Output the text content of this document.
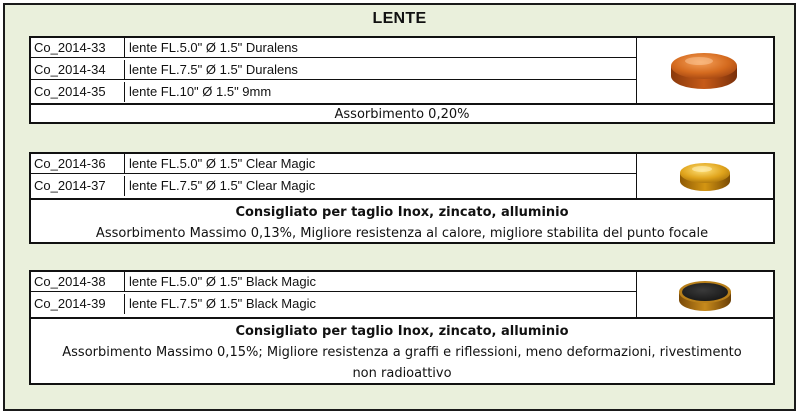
LENTE
Co_2014-33	lente FL.5.0" Ø 1.5" Duralens
Co_2014-34	lente FL.7.5" Ø 1.5" Duralens
Co_2014-35	lente FL.10" Ø 1.5" 9mm
Assorbimento 0,20%
Co_2014-36	lente FL.5.0" Ø 1.5" Clear Magic
Co_2014-37	lente FL.7.5" Ø 1.5" Clear Magic
Consigliato per taglio Inox, zincato, alluminio
Assorbimento Massimo 0,13%, Migliore resistenza al calore, migliore stabilita del punto focale
Co_2014-38	lente FL.5.0" Ø 1.5" Black Magic
Co_2014-39	lente FL.7.5" Ø 1.5" Black Magic
Consigliato per taglio Inox, zincato, alluminio
Assorbimento Massimo 0,15%; Migliore resistenza a graffi e riflessioni, meno deformazioni, rivestimento non radioattivo
